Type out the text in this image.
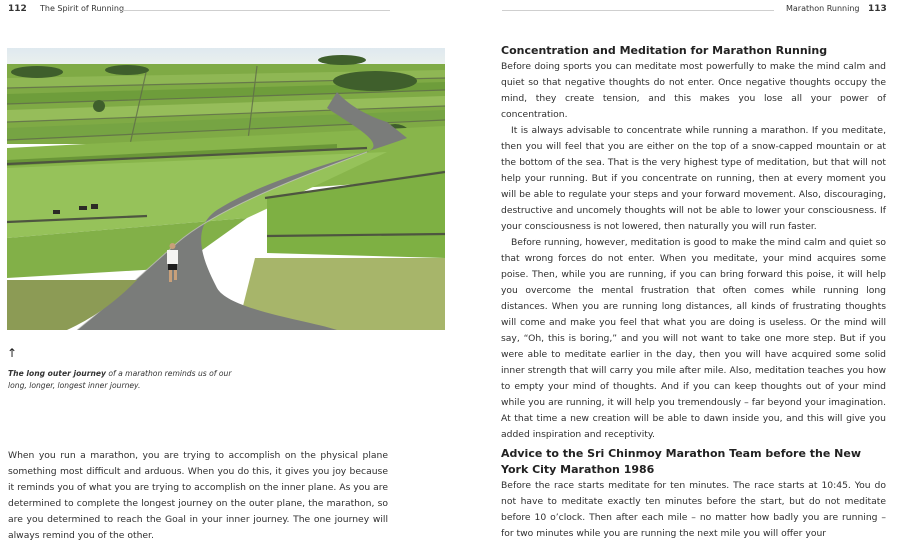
112 The Spirit of Running
↑
The long outer journey of a marathon reminds us of our long, longer, longest inner journey.

When you run a marathon, you are trying to accomplish on the physical plane something most difficult and arduous. When you do this, it gives you joy because it reminds you of what you are trying to accomplish on the inner plane. As you are determined to complete the longest journey on the outer plane, the marathon, so are you determined to reach the Goal in your inner journey. The one journey will always remind you of the other.

Marathon Running 113
Concentration and Meditation for Marathon Running

Before doing sports you can meditate most powerfully to make the mind calm and quiet so that negative thoughts do not enter. Once negative thoughts occupy the mind, they create tension, and this makes you lose all your power of concentration.

It is always advisable to concentrate while running a marathon. If you meditate, then you will feel that you are either on the top of a snow-capped mountain or at the bottom of the sea. That is the very highest type of meditation, but that will not help your running. But if you concentrate on running, then at every moment you will be able to regulate your steps and your forward movement. Also, discouraging, destructive and uncomely thoughts will not be able to lower your consciousness. If your consciousness is not lowered, then naturally you will run faster.

Before running, however, meditation is good to make the mind calm and quiet so that wrong forces do not enter. When you meditate, your mind acquires some poise. Then, while you are running, if you can bring forward this poise, it will help you overcome the mental frustration that often comes while running long distances. When you are running long distances, all kinds of frustrating thoughts will come and make you feel that what you are doing is useless. Or the mind will say, “Oh, this is boring,” and you will not want to take one more step. But if you were able to meditate earlier in the day, then you will have acquired some solid inner strength that will carry you mile after mile. Also, meditation teaches you how to empty your mind of thoughts. And if you can keep thoughts out of your mind while you are running, it will help you tremendously – far beyond your imagination. At that time a new creation will be able to dawn inside you, and this will give you added inspiration and receptivity.

Advice to the Sri Chinmoy Marathon Team before the New York City Marathon 1986

Before the race starts meditate for ten minutes. The race starts at 10:45. You do not have to meditate exactly ten minutes before the start, but do not meditate before 10 o’clock. Then after each mile – no matter how badly you are running – for two minutes while you are running the next mile you will offer your
